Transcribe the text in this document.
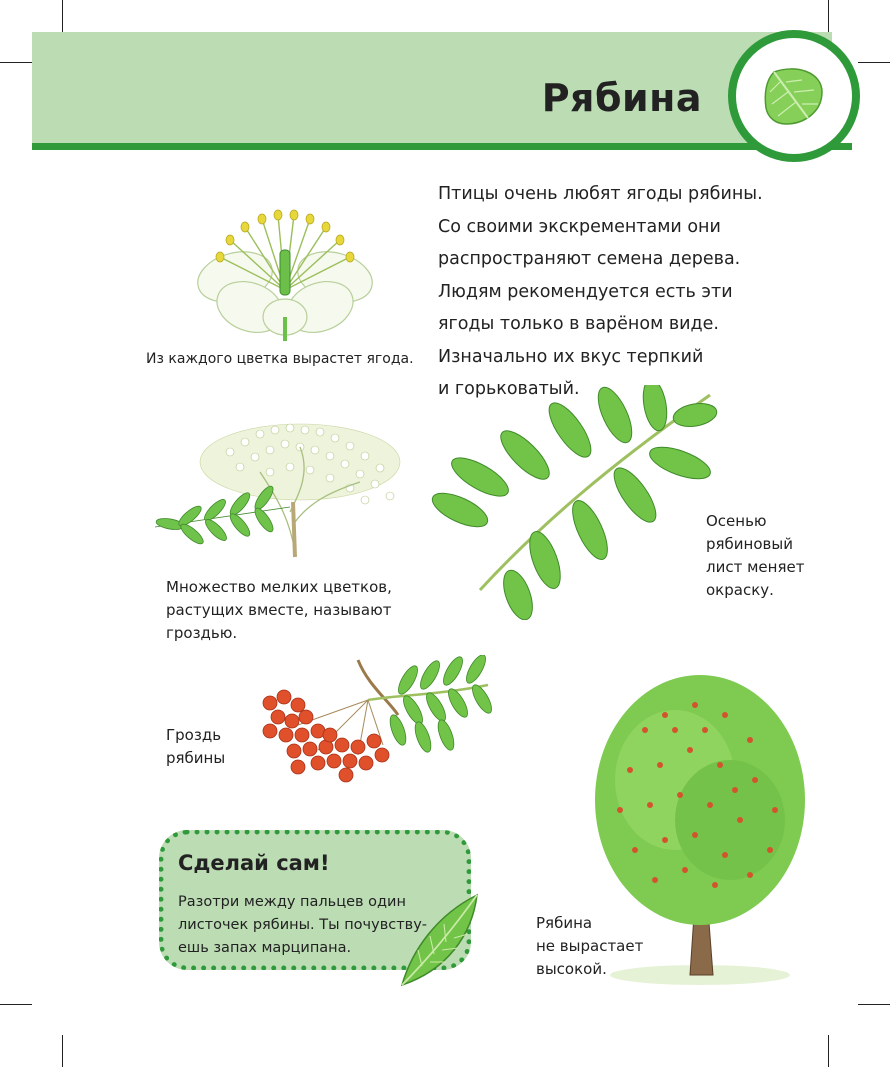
Рябина
Птицы очень любят ягоды рябины.
Со своими экскрементами они
распространяют семена дерева.
Людям рекомендуется есть эти
ягоды только в варёном виде.
Изначально их вкус терпкий
и горьковатый.
Из каждого цветка вырастет ягода.
Множество мелких цветков,
растущих вместе, называют
гроздью.
Осенью
рябиновый
лист меняет
окраску.
Гроздь
рябины
Рябина
не вырастает
высокой.
Сделай сам!
Разотри между пальцев один
листочек рябины. Ты почувству-
ешь запах марципана.
